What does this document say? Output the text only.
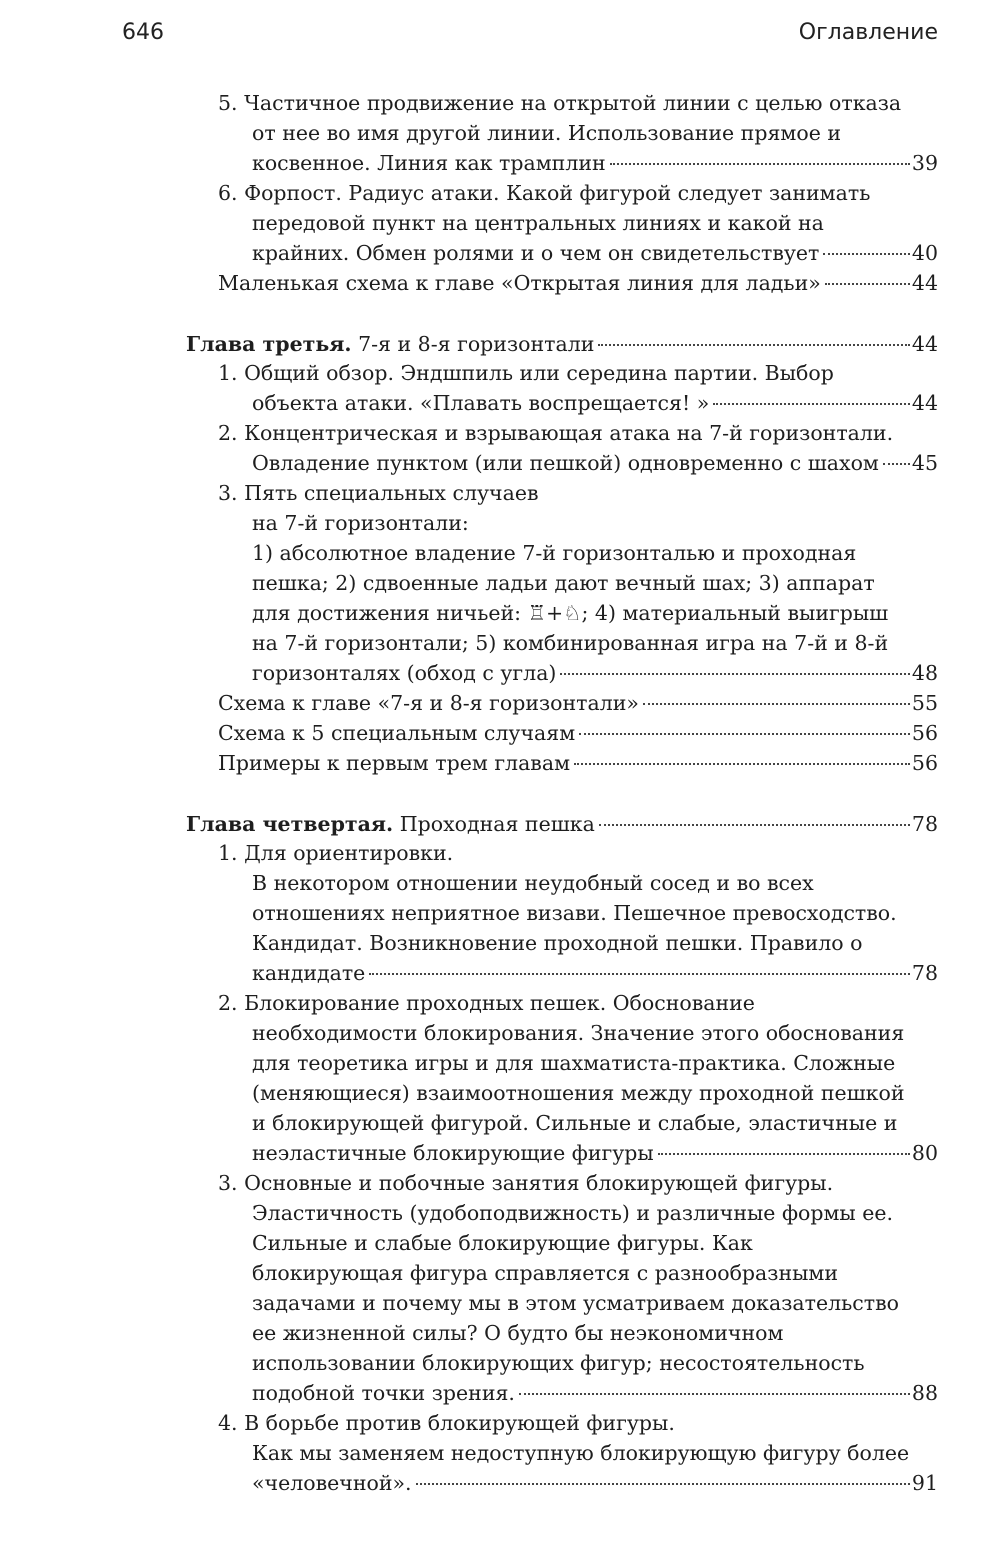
646	Оглавление
5. Частичное продвижение на открытой линии с целью отказа
от нее во имя другой линии. Использование прямое и
косвенное. Линия как трамплин	39
6. Форпост. Радиус атаки. Какой фигурой следует занимать
передовой пункт на центральных линиях и какой на
крайних. Обмен ролями и о чем он свидетельствует	40
Маленькая схема к главе «Открытая линия для ладьи»	44
Глава третья.
7-я и 8-я горизонтали	44
1. Общий обзор. Эндшпиль или середина партии. Выбор
объекта атаки. «Плавать воспрещается! »	44
2. Концентрическая и взрывающая атака на 7-й горизонтали.
Овладение пунктом (или пешкой) одновременно с шахом 45
3. Пять специальных случаев
на 7-й горизонтали:
1) абсолютное владение 7-й горизонталью и проходная
пешка; 2) сдвоенные ладьи дают вечный шах; 3) аппарат
для достижения ничьей: ♖+♘; 4) материальный выигрыш
на 7-й горизонтали; 5) комбинированная игра на 7-й и 8-й
горизонталях (обход с угла)	48
Схема к главе «7-я и 8-я горизонтали»	55
Схема к 5 специальным случаям	56
Примеры к первым трем главам	56
Глава четвертая.
Проходная пешка	78
1. Для ориентировки.
В некотором отношении неудобный сосед и во всех
отношениях неприятное визави. Пешечное превосходство.
Кандидат. Возникновение проходной пешки. Правило о
кандидате	78
2. Блокирование проходных пешек. Обоснование
необходимости блокирования. Значение этого обоснования
для теоретика игры и для шахматиста-практика. Сложные
(меняющиеся) взаимоотношения между проходной пешкой
и блокирующей фигурой. Сильные и слабые, эластичные и
неэластичные блокирующие фигуры	80
3. Основные и побочные занятия блокирующей фигуры.
Эластичность (удобоподвижность) и различные формы ее.
Сильные и слабые блокирующие фигуры. Как
блокирующая фигура справляется с разнообразными
задачами и почему мы в этом усматриваем доказательство
ее жизненной силы? О будто бы неэкономичном
использовании блокирующих фигур; несостоятельность
подобной точки зрения.	88
4. В борьбе против блокирующей фигуры.
Как мы заменяем недоступную блокирующую фигуру более
«человечной».	91
